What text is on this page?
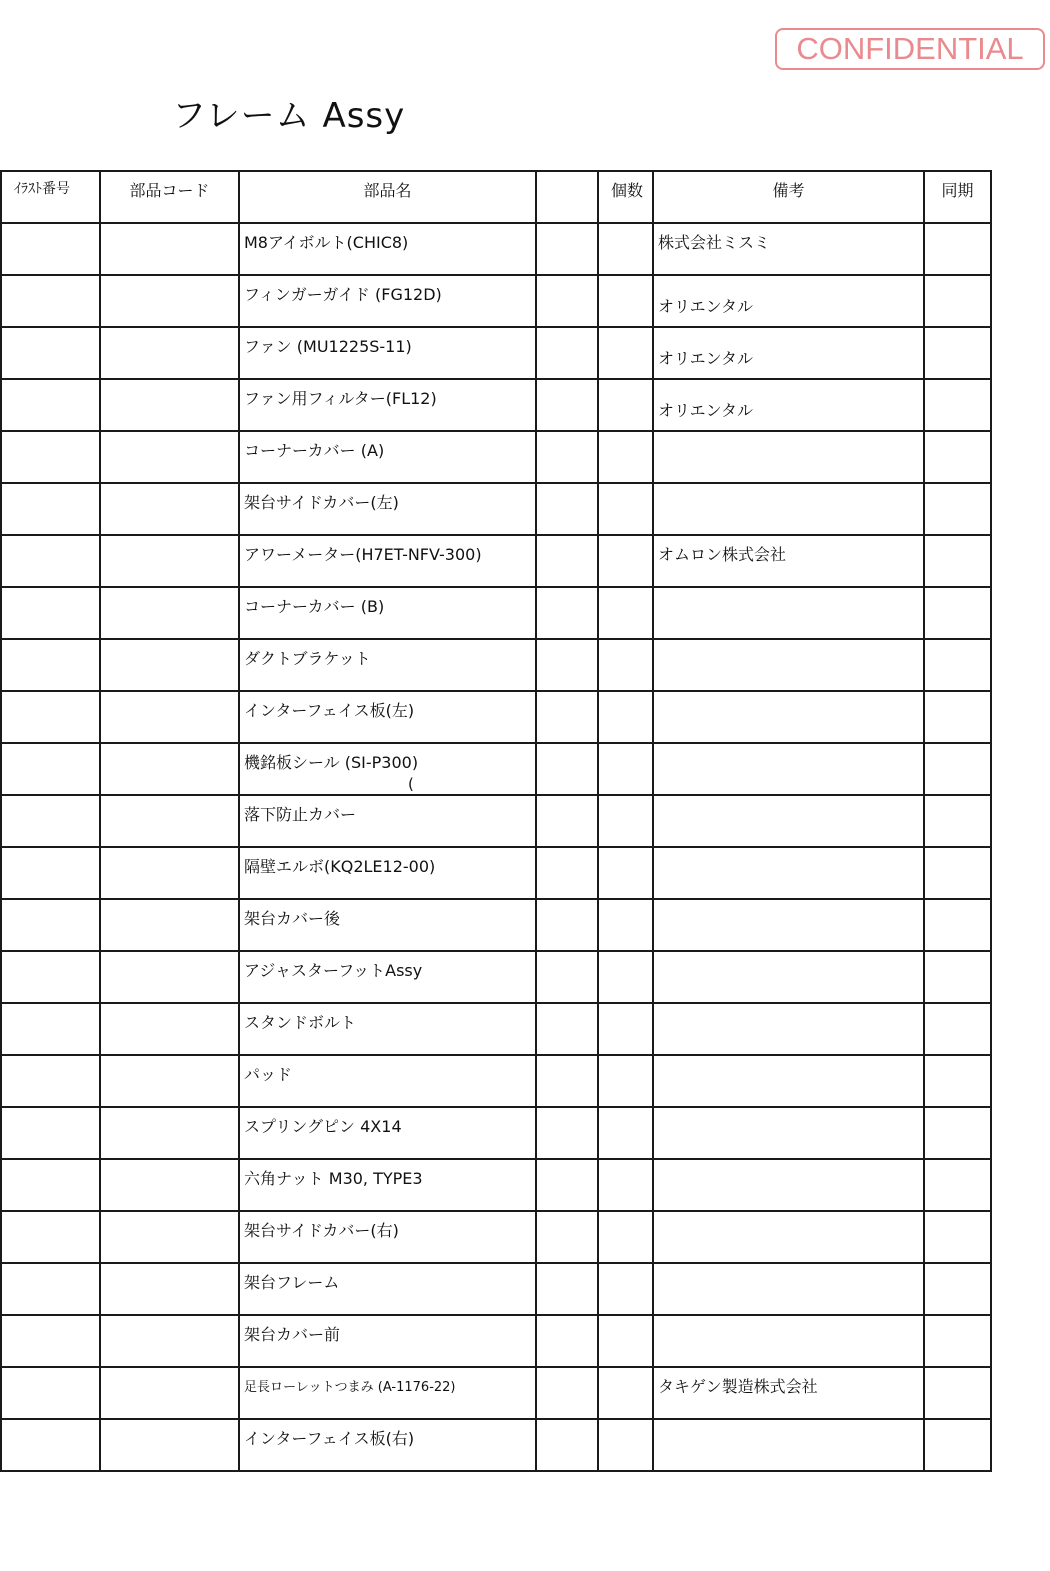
CONFIDENTIAL
フレーム Assy
ｲﾗｽﾄ番号	部品コード	部品名		個数	備考	同期

		M8アイボルト(CHIC8)			株式会社ミスミ	

		フィンガーガイド (FG12D)			オリエンタル	

		ファン (MU1225S-11)			オリエンタル	

		ファン用フィルター(FL12)			オリエンタル	

		コーナーカバー (A)				

		架台サイドカバー(左)				

		アワーメーター(H7ET-NFV-300)			オムロン株式会社	

		コーナーカバー (B)				

		ダクトブラケット				

		インターフェイス板(左)				

		機銘板シール (SI-P300)
(				

		落下防止カバー				

		隔壁エルボ(KQ2LE12-00)				

		架台カバー後				

		アジャスターフットAssy				

		スタンドボルト				

		パッド				

		スプリングピン 4X14				

		六角ナット M30, TYPE3				

		架台サイドカバー(右)				

		架台フレーム				

		架台カバー前				

		足長ローレットつまみ (A-1176-22)			タキゲン製造株式会社	

		インターフェイス板(右)				
